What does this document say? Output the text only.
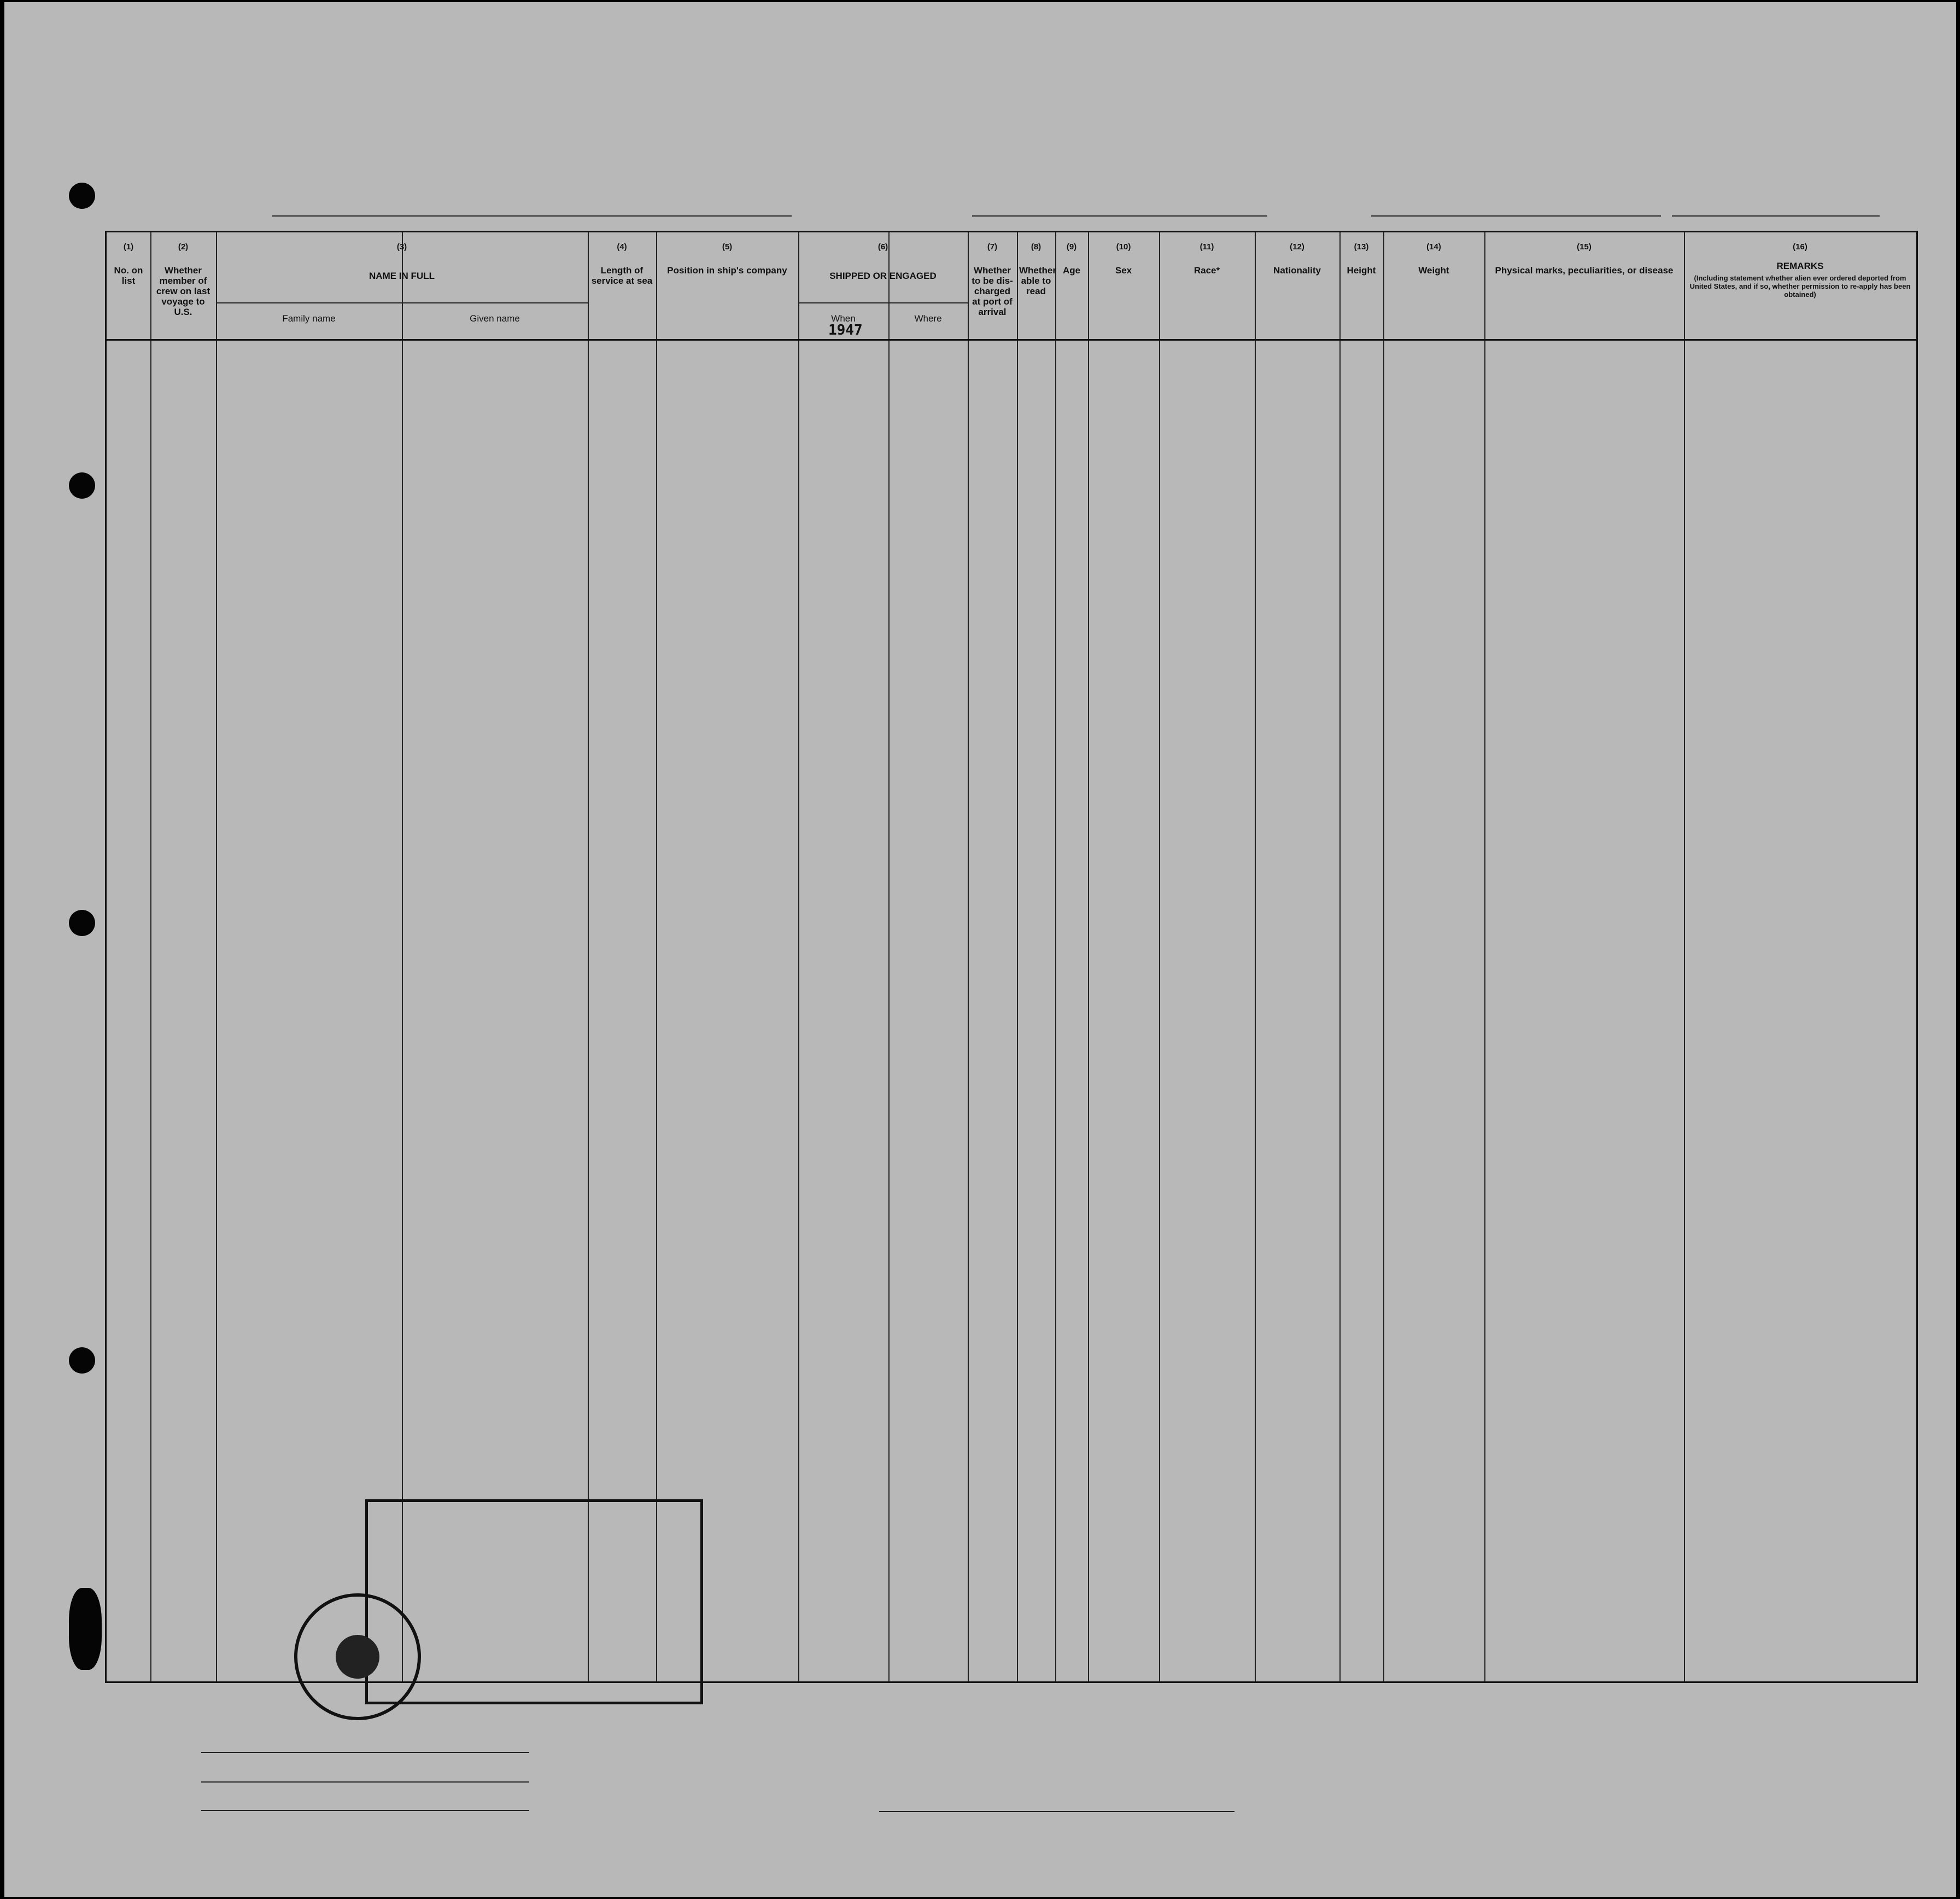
(1)
No. on list
(2)
Whether member of crew on last voyage to U.S.
(3)
NAME IN FULL
Family name	Given name
(4)
Length of service at sea
(5)
Position in ship's company
(6)
SHIPPED OR ENGAGED
When	Where
1947
(7)
Whether to be dis-charged at port of arrival
(8)
Whether able to read
(9)
Age
(10)
Sex
(11)
Race*
(12)
Nationality
(13)
Height
(14)
Weight
(15)
Physical marks, peculiarities, or disease
(16)
REMARKS
(Including statement whether alien ever ordered deported from United States, and if so, whether permission to re-apply has been obtained)
